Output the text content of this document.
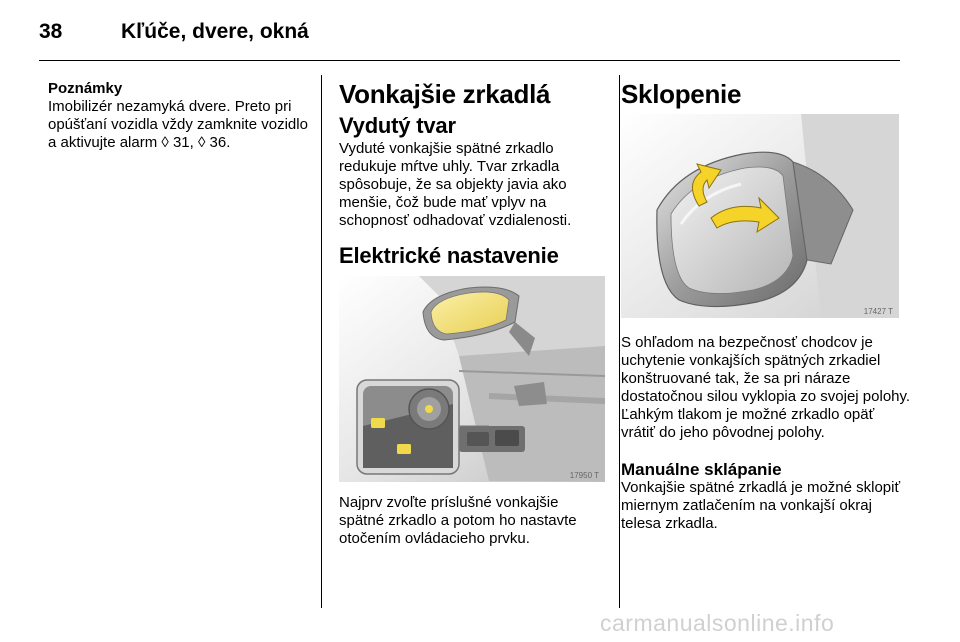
38	Kľúče, dvere, okná

Poznámky

Imobilizér nezamyká dvere. Preto pri opúšťaní vozidla vždy zamknite vozidlo a aktivujte alarm ◊ 31, ◊ 36.

Vonkajšie zrkadlá
Vydutý tvar

Vyduté vonkajšie spätné zrkadlo redukuje mŕtve uhly. Tvar zrkadla spôsobuje, že sa objekty javia ako menšie, čož bude mať vplyv na schopnosť odhadovať vzdialenosti.

Elektrické nastavenie
17950 T

Najprv zvoľte príslušné vonkajšie spätné zrkadlo a potom ho nastavte otočením ovládacieho prvku.

Sklopenie
17427 T

S ohľadom na bezpečnosť chodcov je uchytenie vonkajších spätných zrkadiel konštruované tak, že sa pri náraze dostatočnou silou vyklopia zo svojej polohy. Ľahkým tlakom je možné zrkadlo opäť vrátiť do jeho pôvodnej polohy.

Manuálne sklápanie

Vonkajšie spätné zrkadlá je možné sklopiť miernym zatlačením na vonkajší okraj telesa zrkadla.

carmanualsonline.info
